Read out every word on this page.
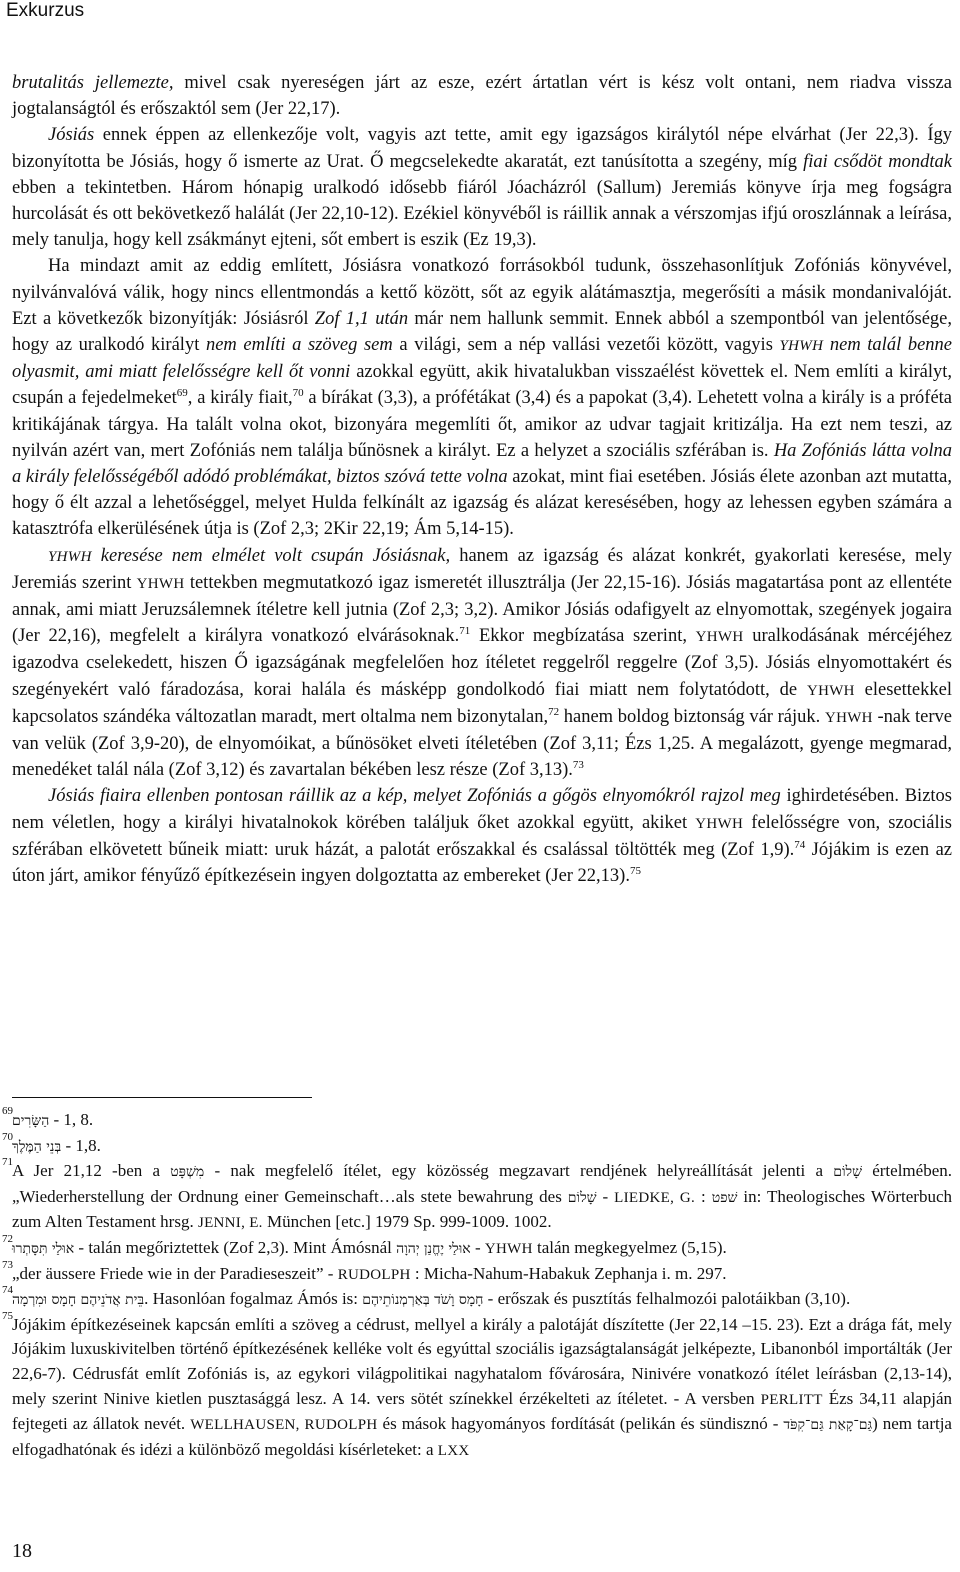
Exkurzus

brutalitás jellemezte, mivel csak nyereségen járt az esze, ezért ártatlan vért is kész volt ontani, nem riadva vissza jogtalanságtól és erőszaktól sem (Jer 22,17).

Jósiás ennek éppen az ellenkezője volt, vagyis azt tette, amit egy igazságos királytól népe elvárhat (Jer 22,3). Így bizonyította be Jósiás, hogy ő ismerte az Urat. Ő megcselekedte akaratát, ezt tanúsította a szegény, míg fiai csődöt mondtak ebben a tekintetben. Három hónapig uralkodó idősebb fiáról Jóacházról (Sallum) Jeremiás könyve írja meg fogságra hurcolását és ott bekövetkező halálát (Jer 22,10-12). Ezékiel könyvéből is ráillik annak a vérszomjas ifjú oroszlánnak a leírása, mely tanulja, hogy kell zsákmányt ejteni, sőt embert is eszik (Ez 19,3).

Ha mindazt amit az eddig említett, Jósiásra vonatkozó forrásokból tudunk, összehasonlítjuk Zofóniás könyvével, nyilvánvalóvá válik, hogy nincs ellentmondás a kettő között, sőt az egyik alátámasztja, megerősíti a másik mondanivalóját. Ezt a következők bizonyítják: Jósiásról Zof 1,1 után már nem hallunk semmit. Ennek abból a szempontból van jelentősége, hogy az uralkodó királyt nem említi a szöveg sem a világi, sem a nép vallási vezetői között, vagyis YHWH nem talál benne olyasmit, ami miatt felelősségre kell őt vonni azokkal együtt, akik hivatalukban visszaélést követtek el. Nem említi a királyt, csupán a fejedelmeket$^{69}$, a király fiait,$^{70}$ a bírákat (3,3), a prófétákat (3,4) és a papokat (3,4). Lehetett volna a király is a próféta kritikájának tárgya. Ha talált volna okot, bizonyára megemlíti őt, amikor az udvar tagjait kritizálja. Ha ezt nem teszi, az nyilván azért van, mert Zofóniás nem találja bűnösnek a királyt. Ez a helyzet a szociális szférában is. Ha Zofóniás látta volna a király felelősségéből adódó problémákat, biztos szóvá tette volna azokat, mint fiai esetében. Jósiás élete azonban azt mutatta, hogy ő élt azzal a lehetőséggel, melyet Hulda felkínált az igazság és alázat keresésében, hogy az lehessen egyben számára a katasztrófa elkerülésének útja is (Zof 2,3; 2Kir 22,19; Ám 5,14-15).

YHWH keresése nem elmélet volt csupán Jósiásnak, hanem az igazság és alázat konkrét, gyakorlati keresése, mely Jeremiás szerint YHWH tettekben megmutatkozó igaz ismeretét illusztrálja (Jer 22,15-16). Jósiás magatartása pont az ellentéte annak, ami miatt Jeruzsálemnek ítéletre kell jutnia (Zof 2,3; 3,2). Amikor Jósiás odafigyelt az elnyomottak, szegények jogaira (Jer 22,16), megfelelt a királyra vonatkozó elvárásoknak.$^{71}$ Ekkor megbízatása szerint, YHWH uralkodásának mércéjéhez igazodva cselekedett, hiszen Ő igazságának megfelelően hoz ítéletet reggelről reggelre (Zof 3,5). Jósiás elnyomottakért és szegényekért való fáradozása, korai halála és másképp gondolkodó fiai miatt nem folytatódott, de YHWH elesettekkel kapcsolatos szándéka változatlan maradt, mert oltalma nem bizonytalan,$^{72}$ hanem boldog biztonság vár rájuk. YHWH -nak terve van velük (Zof 3,9-20), de elnyomóikat, a bűnösöket elveti ítéletében (Zof 3,11; Ézs 1,25. A megalázott, gyenge megmarad, menedéket talál nála (Zof 3,12) és zavartalan békében lesz része (Zof 3,13).$^{73}$

Jósiás fiaira ellenben pontosan ráillik az a kép, melyet Zofóniás a gőgös elnyomókról rajzol meg ighirdetésében. Biztos nem véletlen, hogy a királyi hivatalnokok körében találjuk őket azokkal együtt, akiket YHWH felelősségre von, szociális szférában elkövetett bűneik miatt: uruk házát, a palotát erőszakkal és csalással töltötték meg (Zof 1,9).$^{74}$ Jójákim is ezen az úton járt, amikor fényűző építkezésein ingyen dolgoztatta az embereket (Jer 22,13).$^{75}$

69
הַשָּׂרִים - 1, 8.

70
בְּנֵי הַמֶּלֶךְ - 1,8.

71 A Jer 21,12 -ben a מִשְׁפָּט - nak megfelelő ítélet, egy közösség megzavart rendjének helyreállítását jelenti a שָׁלוֹם értelmében. „Wiederherstellung der Ordnung einer Gemeinschaft…als stete bewahrung des שָׁלוֹם - LIEDKE, G. : שׁפט in: Theologisches Wörterbuch zum Alten Testament hrsg. JENNI, E. München [etc.] 1979 Sp. 999-1009. 1002.

72
אוּלַי תִּסָּתְרוּ - talán megőriztettek (Zof 2,3). Mint Ámósnál אוּלַי יֶחֱנַן יְהוָה - YHWH talán megkegyelmez (5,15).

73 „der äussere Friede wie in der Paradieseszeit” - RUDOLPH : Micha-Nahum-Habakuk Zephanja i. m. 297.

74
בֵּית אֲדֹנֵיהֶם חָמָס וּמִרְמָה. Hasonlóan fogalmaz Ámós is: חָמָס וָשֹׁד בְּאַרְמְנוֹתֵיהֶם - erőszak és pusztítás felhalmozói palotáikban (3,10).

75 Jójákim építkezéseinek kapcsán említi a szöveg a cédrust, mellyel a király a palotáját díszítette (Jer 22,14 –15. 23). Ezt a drága fát, mely Jójákim luxuskivitelben történő építkezésének kelléke volt és egyúttal szociális igazságtalanságát jelképezte, Libanonból importálták (Jer 22,6-7). Cédrusfát említ Zofóniás is, az egykori világpolitikai nagyhatalom fővárosára, Ninivére vonatkozó ítélet leírásban (2,13-14), mely szerint Ninive kietlen pusztasággá lesz. A 14. vers sötét színekkel érzékelteti az ítéletet. - A versben PERLITT Ézs 34,11 alapján fejtegeti az állatok nevét. WELLHAUSEN, RUDOLPH és mások hagyományos fordítását (pelikán és sündisznó - גַּם־קָאַת גַּם־קִפֹּד) nem tartja elfogadhatónak és idézi a különböző megoldási kísérleteket: a LXX

18
